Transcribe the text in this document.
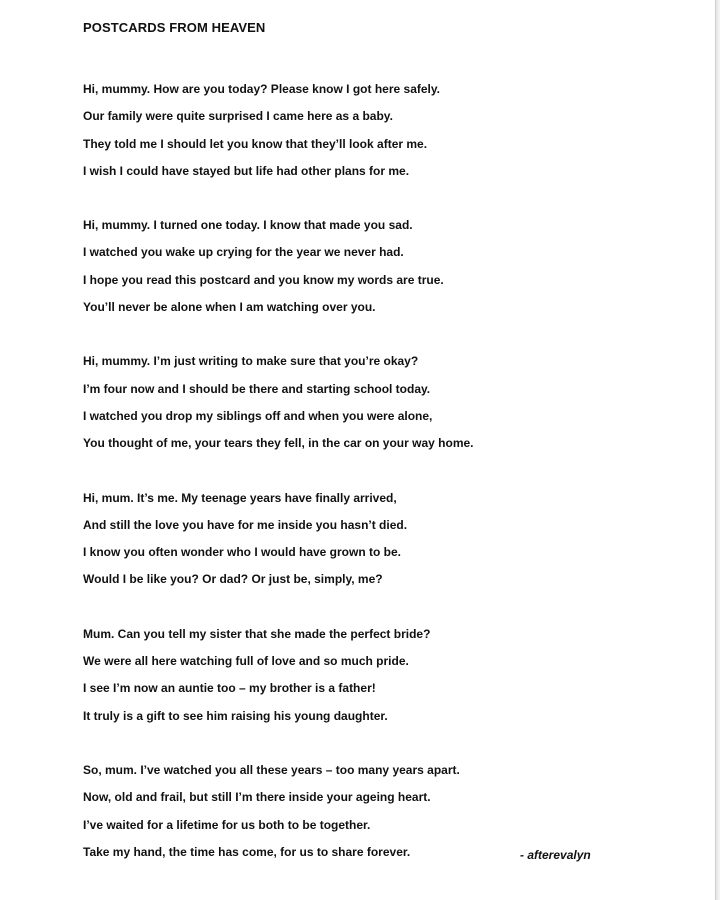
POSTCARDS FROM HEAVEN
Hi, mummy. How are you today? Please know I got here safely.
Our family were quite surprised I came here as a baby.
They told me I should let you know that they’ll look after me.
I wish I could have stayed but life had other plans for me.
Hi, mummy. I turned one today. I know that made you sad.
I watched you wake up crying for the year we never had.
I hope you read this postcard and you know my words are true.
You’ll never be alone when I am watching over you.
Hi, mummy. I’m just writing to make sure that you’re okay?
I’m four now and I should be there and starting school today.
I watched you drop my siblings off and when you were alone,
You thought of me, your tears they fell, in the car on your way home.
Hi, mum. It’s me. My teenage years have finally arrived,
And still the love you have for me inside you hasn’t died.
I know you often wonder who I would have grown to be.
Would I be like you? Or dad? Or just be, simply, me?
Mum. Can you tell my sister that she made the perfect bride?
We were all here watching full of love and so much pride.
I see I’m now an auntie too – my brother is a father!
It truly is a gift to see him raising his young daughter.
So, mum. I’ve watched you all these years – too many years apart.
Now, old and frail, but still I’m there inside your ageing heart.
I’ve waited for a lifetime for us both to be together.
Take my hand, the time has come, for us to share forever.	- afterevalyn
